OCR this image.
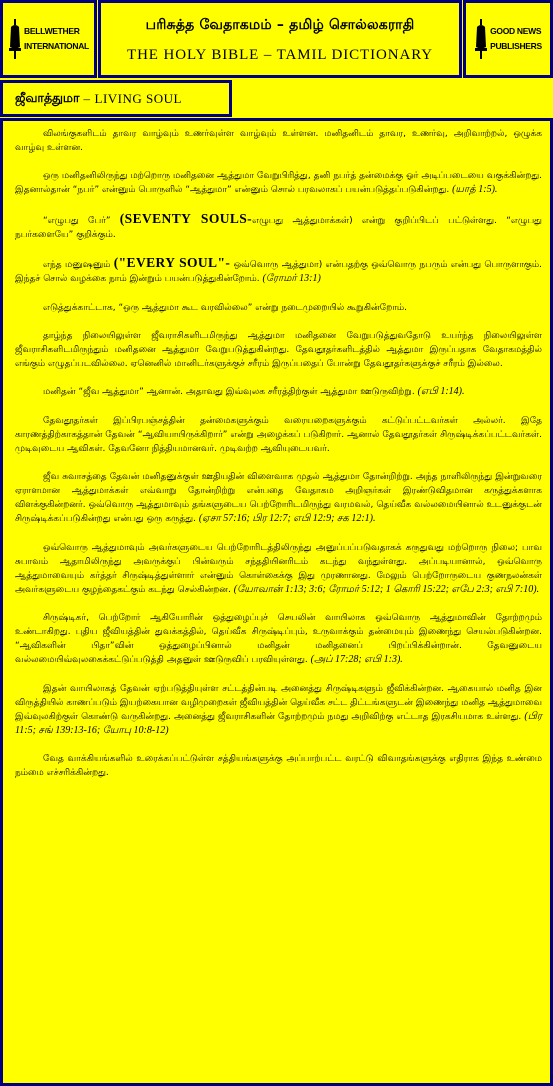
BELLWETHER
INTERNATIONAL
பரிசுத்த வேதாகமம் – தமிழ் சொல்லகராதி
THE HOLY BIBLE – TAMIL DICTIONARY
GOOD NEWS
PUBLISHERS
ஜீவாத்துமா – LIVING SOUL

விலங்குகளிடம் தாவர வாழ்வும் உணர்வுள்ள வாழ்வும் உள்ளன. மனிதனிடம் தாவர, உணர்வு, அறிவாற்றல், ஒழுக்க வாழ்வு உள்ளன.

ஒரு மனிதனிலிருந்து மற்றொரு மனிதனை ஆத்துமா வேறுபிரித்து, தனி நபர்த் தன்மைக்கு ஓர் அடிப்படையை வகுக்கின்றது. இதனால்தான் “நபர்” என்னும் பொருளில் “ஆத்துமா” என்னும் சொல் பரவலாகப் பயன்படுத்தப்படுகின்றது. (யாத் 1:5).

“எழுபது பேர்” (SEVENTY SOULS-எழுபது ஆத்துமாக்கள்) என்று குறிப்பிடப் பட்டுள்ளது. “எழுபது நபர்களையே” குறிக்கும்.

எந்த மனுஷனும் ("EVERY SOUL"- ஒவ்வொரு ஆத்துமா) என்பதற்கு ஒவ்வொரு நபரும் என்பது பொருளாகும். இந்தச் சொல் வழக்கை நாம் இன்றும் பயன்படுத்துகின்றோம். (ரோமர் 13:1)

எடுத்துக்காட்டாக, “ஒரு ஆத்துமா கூட வரவில்லை” என்று நடைமுறையில் கூறுகின்றோம்.

தாழ்ந்த நிலையிலுள்ள ஜீவராசிகளிடமிருந்து ஆத்துமா மனிதனை வேறுபடுத்துவதோடு உயர்ந்த நிலையிலுள்ள ஜீவராசிகளிடமிருந்தும் மனிதனை ஆத்துமா வேறுபடுத்துகின்றது. தேவதூதர்களிடத்தில் ஆத்துமா இருப்பதாக வேதாகமத்தில் எங்கும் எழுதப்படவில்லை. ஏனெனில் மானிடர்களுக்குச் சரீரம் இருப்பதைப் போன்று தேவதூதர்களுக்குச் சரீரம் இல்லை.

மனிதன் “ஜீவ ஆத்துமா” ஆனான். அதாவது இவ்வுலக சரீரத்திற்குள் ஆத்துமா ஊடுருவிற்று. (எபி 1:14).

தேவதூதர்கள் இப்பிரபஞ்சத்தின் தன்மைகளுக்கும் வரையறைகளுக்கும் கட்டுப்பட்டவர்கள் அல்லர். இதே காரணத்திற்காகத்தான் தேவன் “ஆவியாயிருக்கிறார்” என்று அழைக்கப் படுகிறார். ஆனால் தேவதூதர்கள் சிருஷ்டிக்கப்பட்டவர்கள். முடிவுடைய ஆவிகள். தேவனோ நித்தியமானவர். முடிவற்ற ஆவியுடையவர்.

ஜீவ சுவாசத்தை தேவன் மனிதனுக்குள் ஊதியதின் விளைவாக முதல் ஆத்துமா தோன்றிற்று. அந்த நாளிலிருந்து இன்றுவரை ஏராளமான ஆத்துமாக்கள் எவ்வாறு தோன்றிற்று என்பதை வேதாகம அறிஞர்கள் இரண்டுவிதமான கருத்துக்களாக விளக்குகின்றனர். ஒவ்வொரு ஆத்துமாவும் தங்களுடைய பெற்றோரிடமிருந்து வரமவல், தெய்வீக வல்லமையினால் உடனுக்குடன் சிருஷ்டிக்கப்படுகின்றது என்பது ஒரு கருத்து. (ஏசா 57:16; பிர 12:7; எபி 12:9; சக 12:1).

ஒவ்வொரு ஆத்துமாவும் அவர்களுடைய பெற்றோரிடத்திலிருந்து அனுப்பப்படுவதாகக் கருதுவது மற்றொரு நிலை; பாவ சுபாவம் ஆதாமிலிருந்து அவருக்குப் பின்வரும் சந்ததியினரிடம் கடந்து வந்துள்ளது. அப்படியானால், ஒவ்வொரு ஆத்துமாவையும் கர்த்தர் சிருஷ்டித்துள்ளார் என்னும் கொள்கைக்கு இது முரணானது. மேலும் பெற்றோருடைய குணநலன்கள் அவர்களுடைய குழந்தைகட்கும் கடந்து செல்கின்றன. (யோவான் 1:13; 3:6; ரோமர் 5:12; 1 கொரி 15:22; எபே 2:3; எபி 7:10).

சிருஷ்டிகர், பெற்றோர் ஆகியோரின் ஒத்துழைப்புச் செயலின் வாயிலாக ஒவ்வொரு ஆத்துமாவின் தோற்றமும் உண்டாகிறது. புதிய ஜீவியத்தின் துவக்கத்தில், தெய்வீக சிருஷ்டிப்பும், உருவாக்கும் தன்மையும் இணைந்து செயல்படுகின்றன. “ஆவிகளின் பிதா”வின் ஒத்துழைப்பினால் மனிதன் மனிதனைப் பிறப்பிக்கின்றான். தேவனுடைய வல்லமையிவ்வுலகைக்கட்டுப்படுத்தி அதனுள் ஊடுருவிப் பரவியுள்ளது. (அப் 17:28; எபி 1:3).

இதன் வாயிலாகத் தேவன் ஏற்படுத்தியுள்ள சட்டத்தின்படி அனைத்து சிருஷ்டிகளும் ஜீவிக்கின்றன. ஆகையால் மனித இன விருத்தியில் காணப்படும் இயற்கையான வழிமுறைகள் ஜீவியத்தின் தெய்வீக சட்ட திட்டங்களுடன் இணைந்து மனித ஆத்துமாவை இவ்வுலகிற்குள் கொண்டு வருகின்றது. அனைத்து ஜீவராசிகளின் தோற்றமும் நமது அறிவிற்கு எட்டாத இரகசியமாக உள்ளது. (பிர 11:5; சங் 139:13-16; யோபு 10:8-12)

வேத வாக்கியங்களில் உரைக்கப்பட்டுள்ள சத்தியங்களுக்கு அப்பாற்பட்ட வரட்டு விவாதங்களுக்கு எதிராக இந்த உண்மை நம்மை எச்சரிக்கின்றது.
